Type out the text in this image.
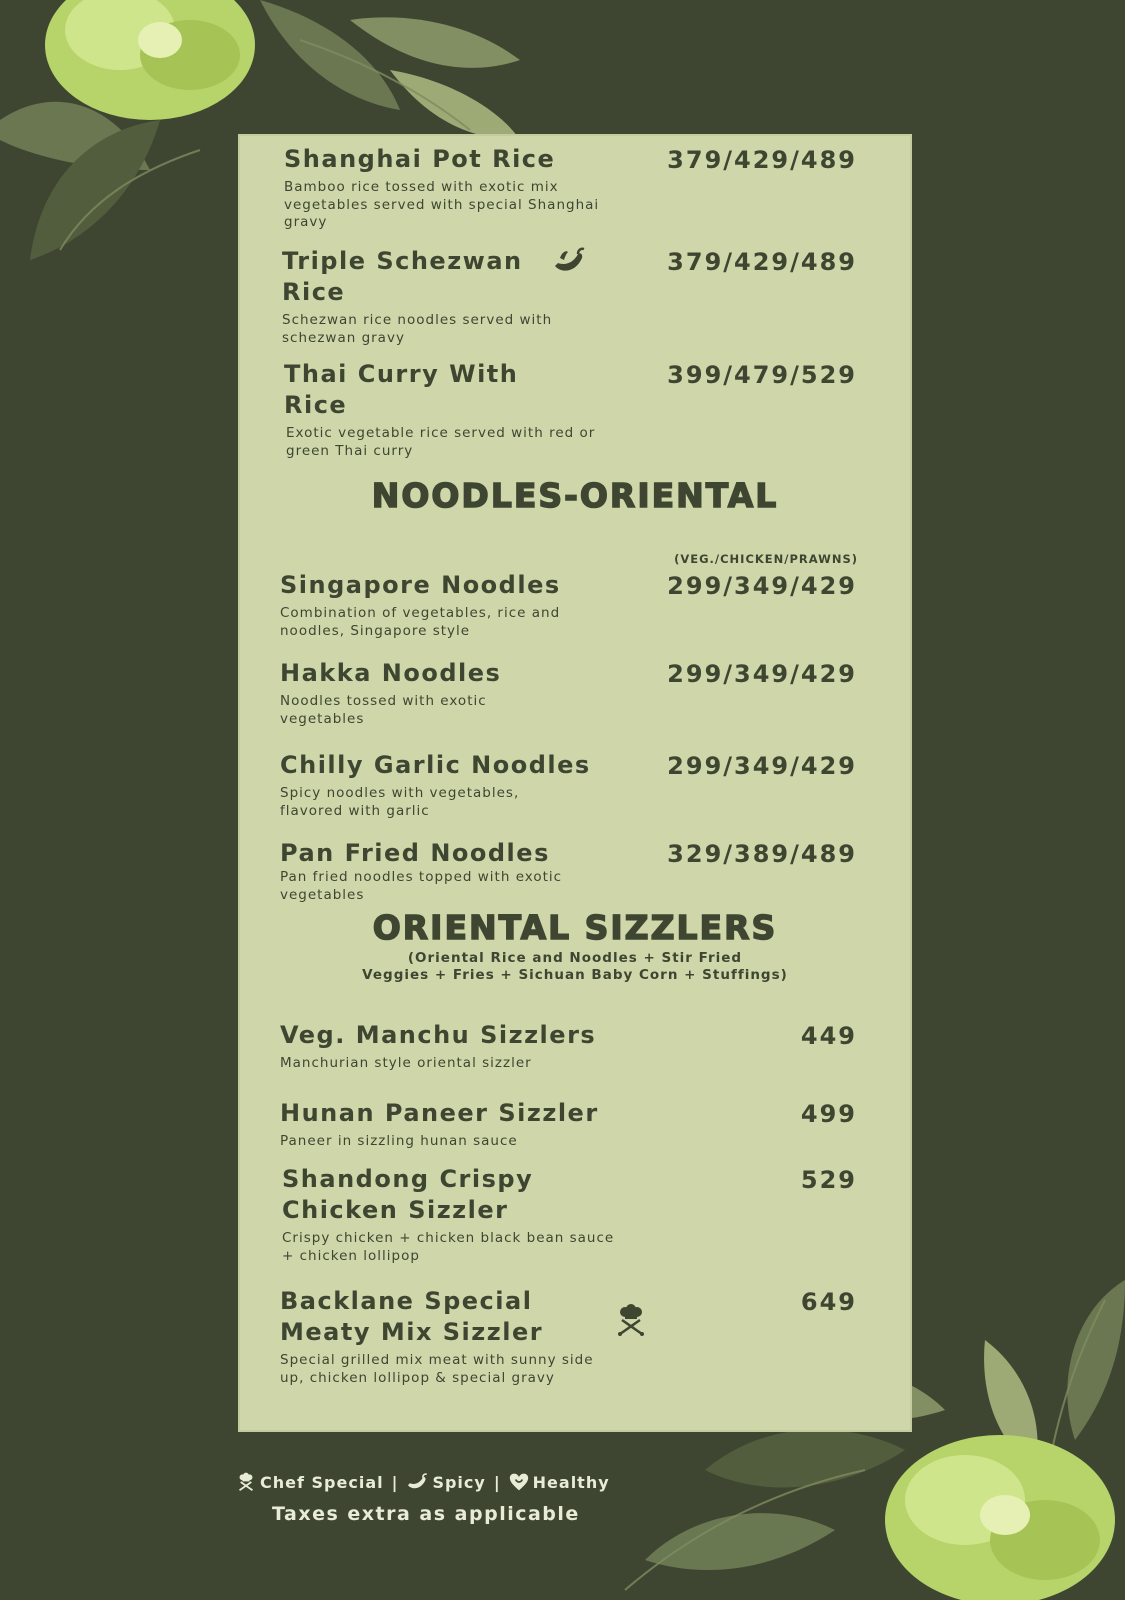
Shanghai Pot Rice
Bamboo rice tossed with exotic mix vegetables served with special Shanghai gravy
379/429/489
Triple Schezwan Rice
Schezwan rice noodles served with schezwan gravy
379/429/489
Thai Curry With Rice
Exotic vegetable rice served with red or green Thai curry
399/479/529
NOODLES-ORIENTAL
(VEG./CHICKEN/PRAWNS)
Singapore Noodles
Combination of vegetables, rice and noodles, Singapore style
299/349/429
Hakka Noodles
Noodles tossed with exotic vegetables
299/349/429
Chilly Garlic Noodles
Spicy noodles with vegetables, flavored with garlic
299/349/429
Pan Fried Noodles
Pan fried noodles topped with exotic vegetables
329/389/489
ORIENTAL SIZZLERS
(Oriental Rice and Noodles + Stir Fried
Veggies + Fries + Sichuan Baby Corn + Stuffings)
Veg. Manchu Sizzlers
Manchurian style oriental sizzler
449
Hunan Paneer Sizzler
Paneer in sizzling hunan sauce
499
Shandong Crispy Chicken Sizzler
Crispy chicken + chicken black bean sauce + chicken lollipop
529
Backlane Special Meaty Mix Sizzler
Special grilled mix meat with sunny side up, chicken lollipop & special gravy
649
Chef Special | Spicy | Healthy
Taxes extra as applicable
